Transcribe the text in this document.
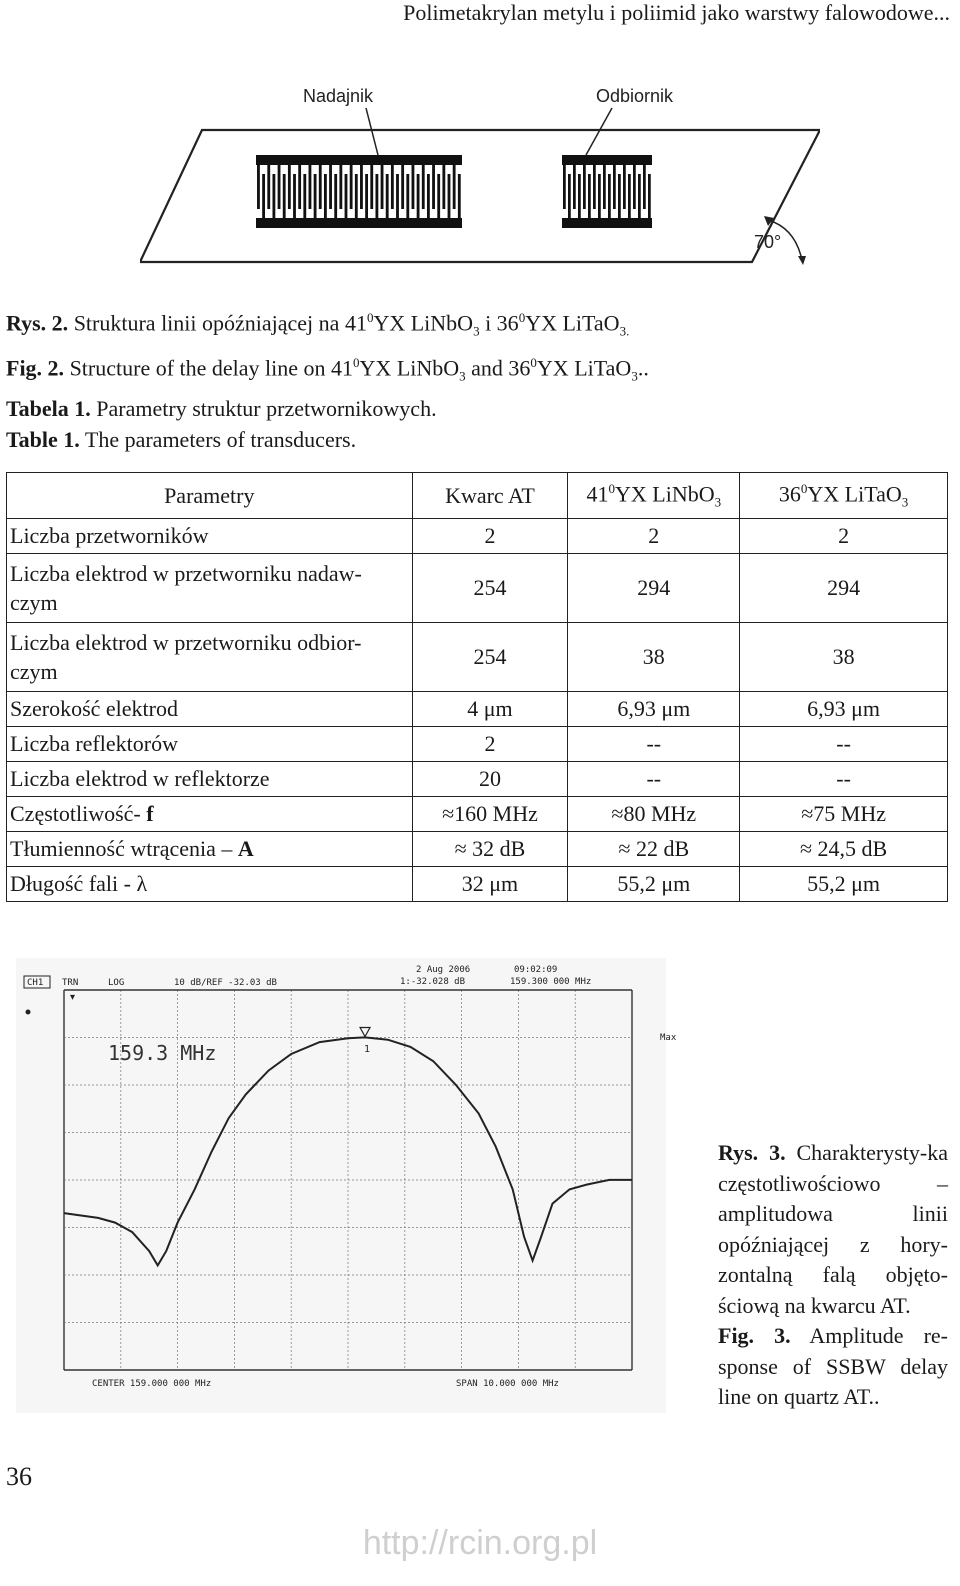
Polimetakrylan metylu i poliimid jako warstwy falowodowe...
Nadajnik	Odbiornik
70°
Rys. 2. Struktura linii opóźniającej na $41^0YX$ LiNbO$_3$ i $36^0YX$ LiTaO$_{3.}$
Fig. 2. Structure of the delay line on $41^0YX$ LiNbO$_3$ and $36^0YX$ LiTaO$_3$..
Tabela 1. Parametry struktur przetwornikowych.
Table 1. The parameters of transducers.
Parametry	Kwarc AT	$41^0YX$ LiNbO$_3$	$36^0YX$ LiTaO$_3$
Liczba przetworników	2	2	2
Liczba elektrod w przetworniku nadaw-czym	254	294	294
Liczba elektrod w przetworniku odbior-czym	254	38	38
Szerokość elektrod	4 μm	6,93 μm	6,93 μm
Liczba reflektorów	2	--	--
Liczba elektrod w reflektorze	20	--	--
Częstotliwość- f	≈160 MHz	≈80 MHz	≈75 MHz
Tłumienność wtrącenia – A	≈ 32 dB	≈ 22 dB	≈ 24,5 dB
Długość fali - λ	32 μm	55,2 μm	55,2 μm
CH1 TRN	LOG	10 dB/REF -32.03 dB
2 Aug 2006	09:02:09
1:-32.028 dB	159.300 000 MHz
Max
CENTER 159.000 000 MHz	SPAN 10.000 000 MHz
159.3 MHz	1
▾
Rys. 3. Charakterysty-ka częstotliwościowo – amplitudowa linii opóźniającej z hory-zontalną falą objęto-ściową na kwarcu AT.
Fig. 3. Amplitude re-sponse of SSBW delay line on quartz AT..
36
http://rcin.org.pl
